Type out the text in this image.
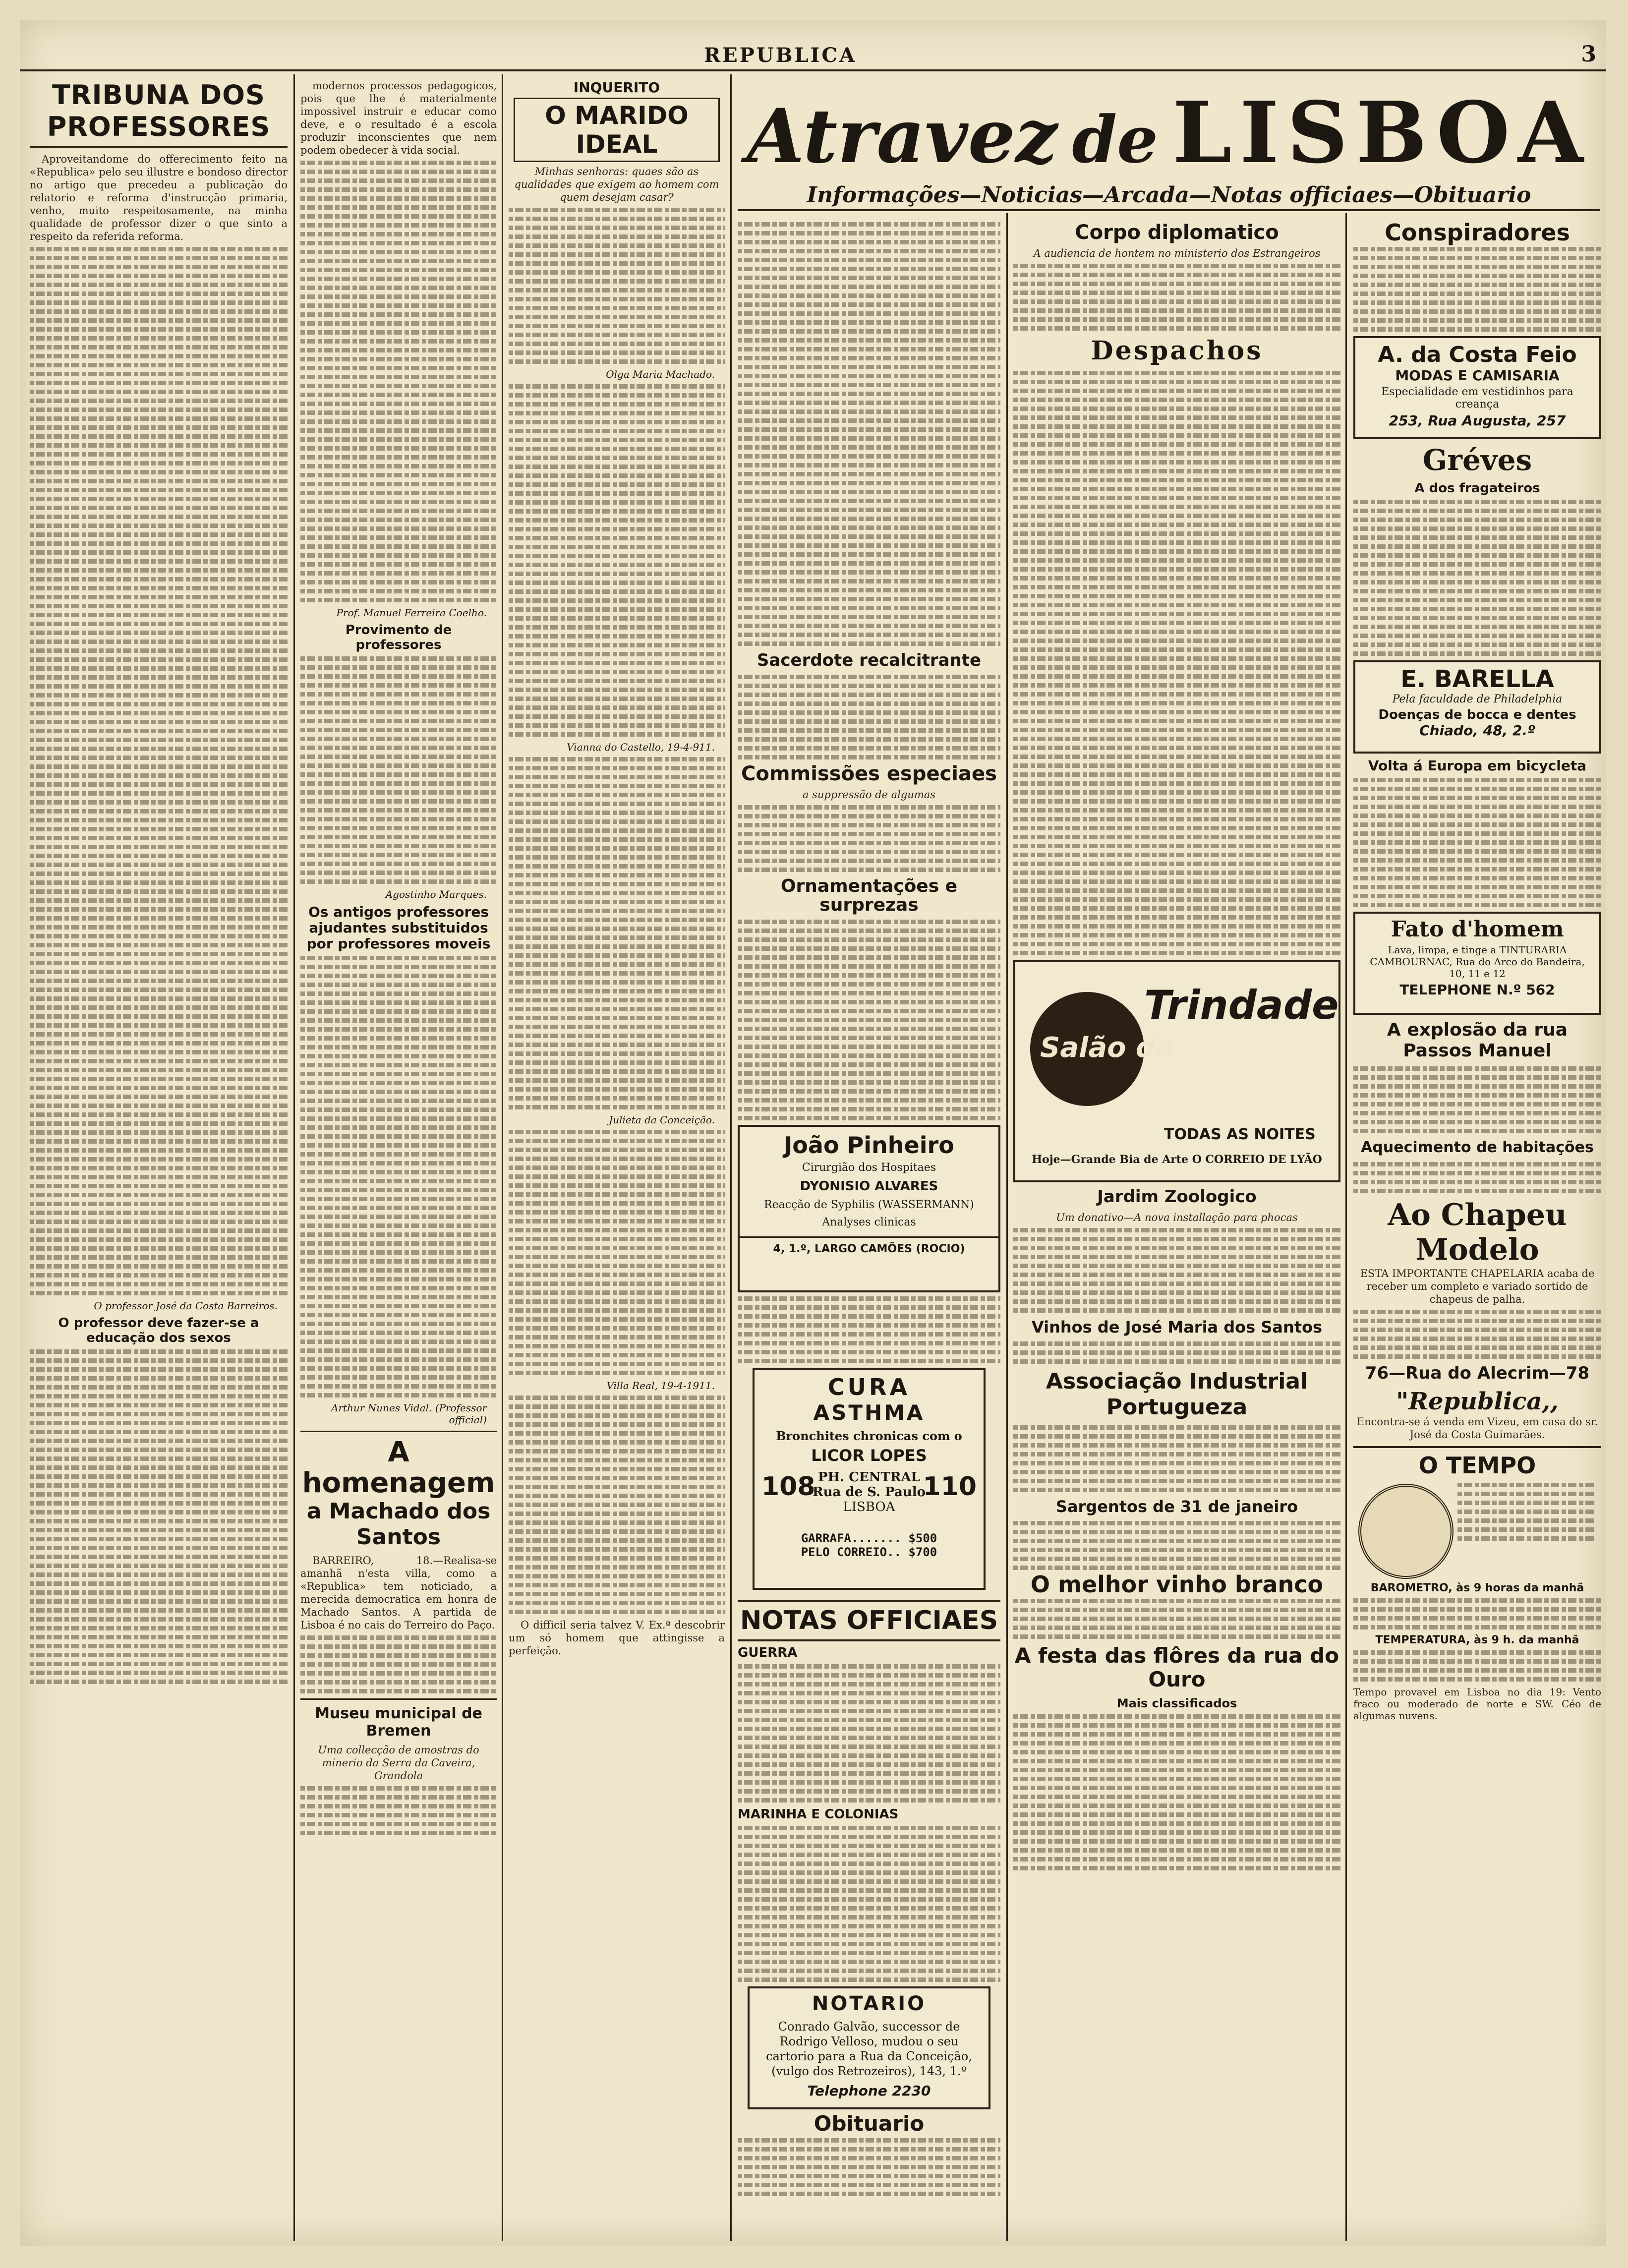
REPUBLICA	3
TRIBUNA DOS PROFESSORES

Aproveitandome do offerecimento feito na «Republica» pelo seu illustre e bondoso director no artigo que precedeu a publicação do relatorio e reforma d'instrucção primaria, venho, muito respeitosamente, na minha qualidade de professor dizer o que sinto a respeito da referida reforma.

O professor José da Costa Barreiros.
O professor deve fazer-se a educação dos sexos

modernos processos pedagogicos, pois que lhe é materialmente impossivel instruir e educar como deve, e o resultado é a escola produzir inconscientes que nem podem obedecer à vida social.

Prof. Manuel Ferreira Coelho.
Provimento de professores
Agostinho Marques.
Os antigos professores ajudantes substituidos por professores moveis
Arthur Nunes Vidal. (Professor official)
A homenagem
a Machado dos Santos

BARREIRO, 18.—Realisa-se amanhã n'esta villa, como a «Republica» tem noticiado, a merecida democratica em honra de Machado Santos. A partida de Lisboa é no cais do Terreiro do Paço.

Museu municipal de Bremen
Uma collecção de amostras do minerio da Serra da Caveira, Grandola
INQUERITO
O MARIDO IDEAL
Minhas senhoras: quaes são as qualidades que exigem ao homem com quem desejam casar?
Olga Maria Machado.
Vianna do Castello, 19-4-911.
Julieta da Conceição.
Villa Real, 19-4-1911.

O difficil seria talvez V. Ex.ª descobrir um só homem que attingisse a perfeição.

Atravez de LISBOA
Informações—Noticias—Arcada—Notas officiaes—Obituario
Sacerdote recalcitrante
Commissões especiaes
a suppressão de algumas
Ornamentações e surprezas
João Pinheiro
Cirurgião dos Hospitaes
DYONISIO ALVARES
Reacção de Syphilis (WASSERMANN)
Analyses clinicas
4, 1.º, LARGO CAMÕES (ROCIO)
CURA
ASTHMA
Bronchites chronicas com o
LICOR LOPES
108	110
PH. CENTRAL
Rua de S. Paulo
LISBOA
GARRAFA....... $500
PELO CORREIO.. $700
NOTAS OFFICIAES
GUERRA
MARINHA E COLONIAS
NOTARIO
Conrado Galvão, successor de Rodrigo Velloso, mudou o seu cartorio para a Rua da Conceição, (vulgo dos Retrozeiros), 143, 1.º
Telephone 2230
Obituario
Corpo diplomatico
A audiencia de hontem no ministerio dos Estrangeiros
Despachos
Trindade
Salão da
TODAS AS NOITES
Hoje—Grande Bia de Arte O CORREIO DE LYÃO
Jardim Zoologico
Um donativo—A nova installação para phocas
Vinhos de José Maria dos Santos
Associação Industrial Portugueza
Sargentos de 31 de janeiro
O melhor vinho branco
A festa das flôres da rua do Ouro
Mais classificados
Conspiradores
A. da Costa Feio
MODAS E CAMISARIA
Especialidade em vestidinhos para creança
253, Rua Augusta, 257
Gréves
A dos fragateiros
E. BARELLA
Pela faculdade de Philadelphia
Doenças de bocca e dentes
Chiado, 48, 2.º
Volta á Europa em bicycleta
Fato d'homem
Lava, limpa, e tinge a TINTURARIA CAMBOURNAC, Rua do Arco do Bandeira, 10, 11 e 12
TELEPHONE N.º 562
A explosão da rua Passos Manuel
Aquecimento de habitações
Ao Chapeu Modelo
ESTA IMPORTANTE CHAPELARIA acaba de receber um completo e variado sortido de chapeus de palha.
76—Rua do Alecrim—78
"Republica,,
Encontra-se á venda em Vizeu, em casa do sr. José da Costa Guimarães.
O TEMPO
BAROMETRO, às 9 horas da manhã
TEMPERATURA, às 9 h. da manhã
Tempo provavel em Lisboa no dia 19: Vento fraco ou moderado de norte e SW. Céo de algumas nuvens.
